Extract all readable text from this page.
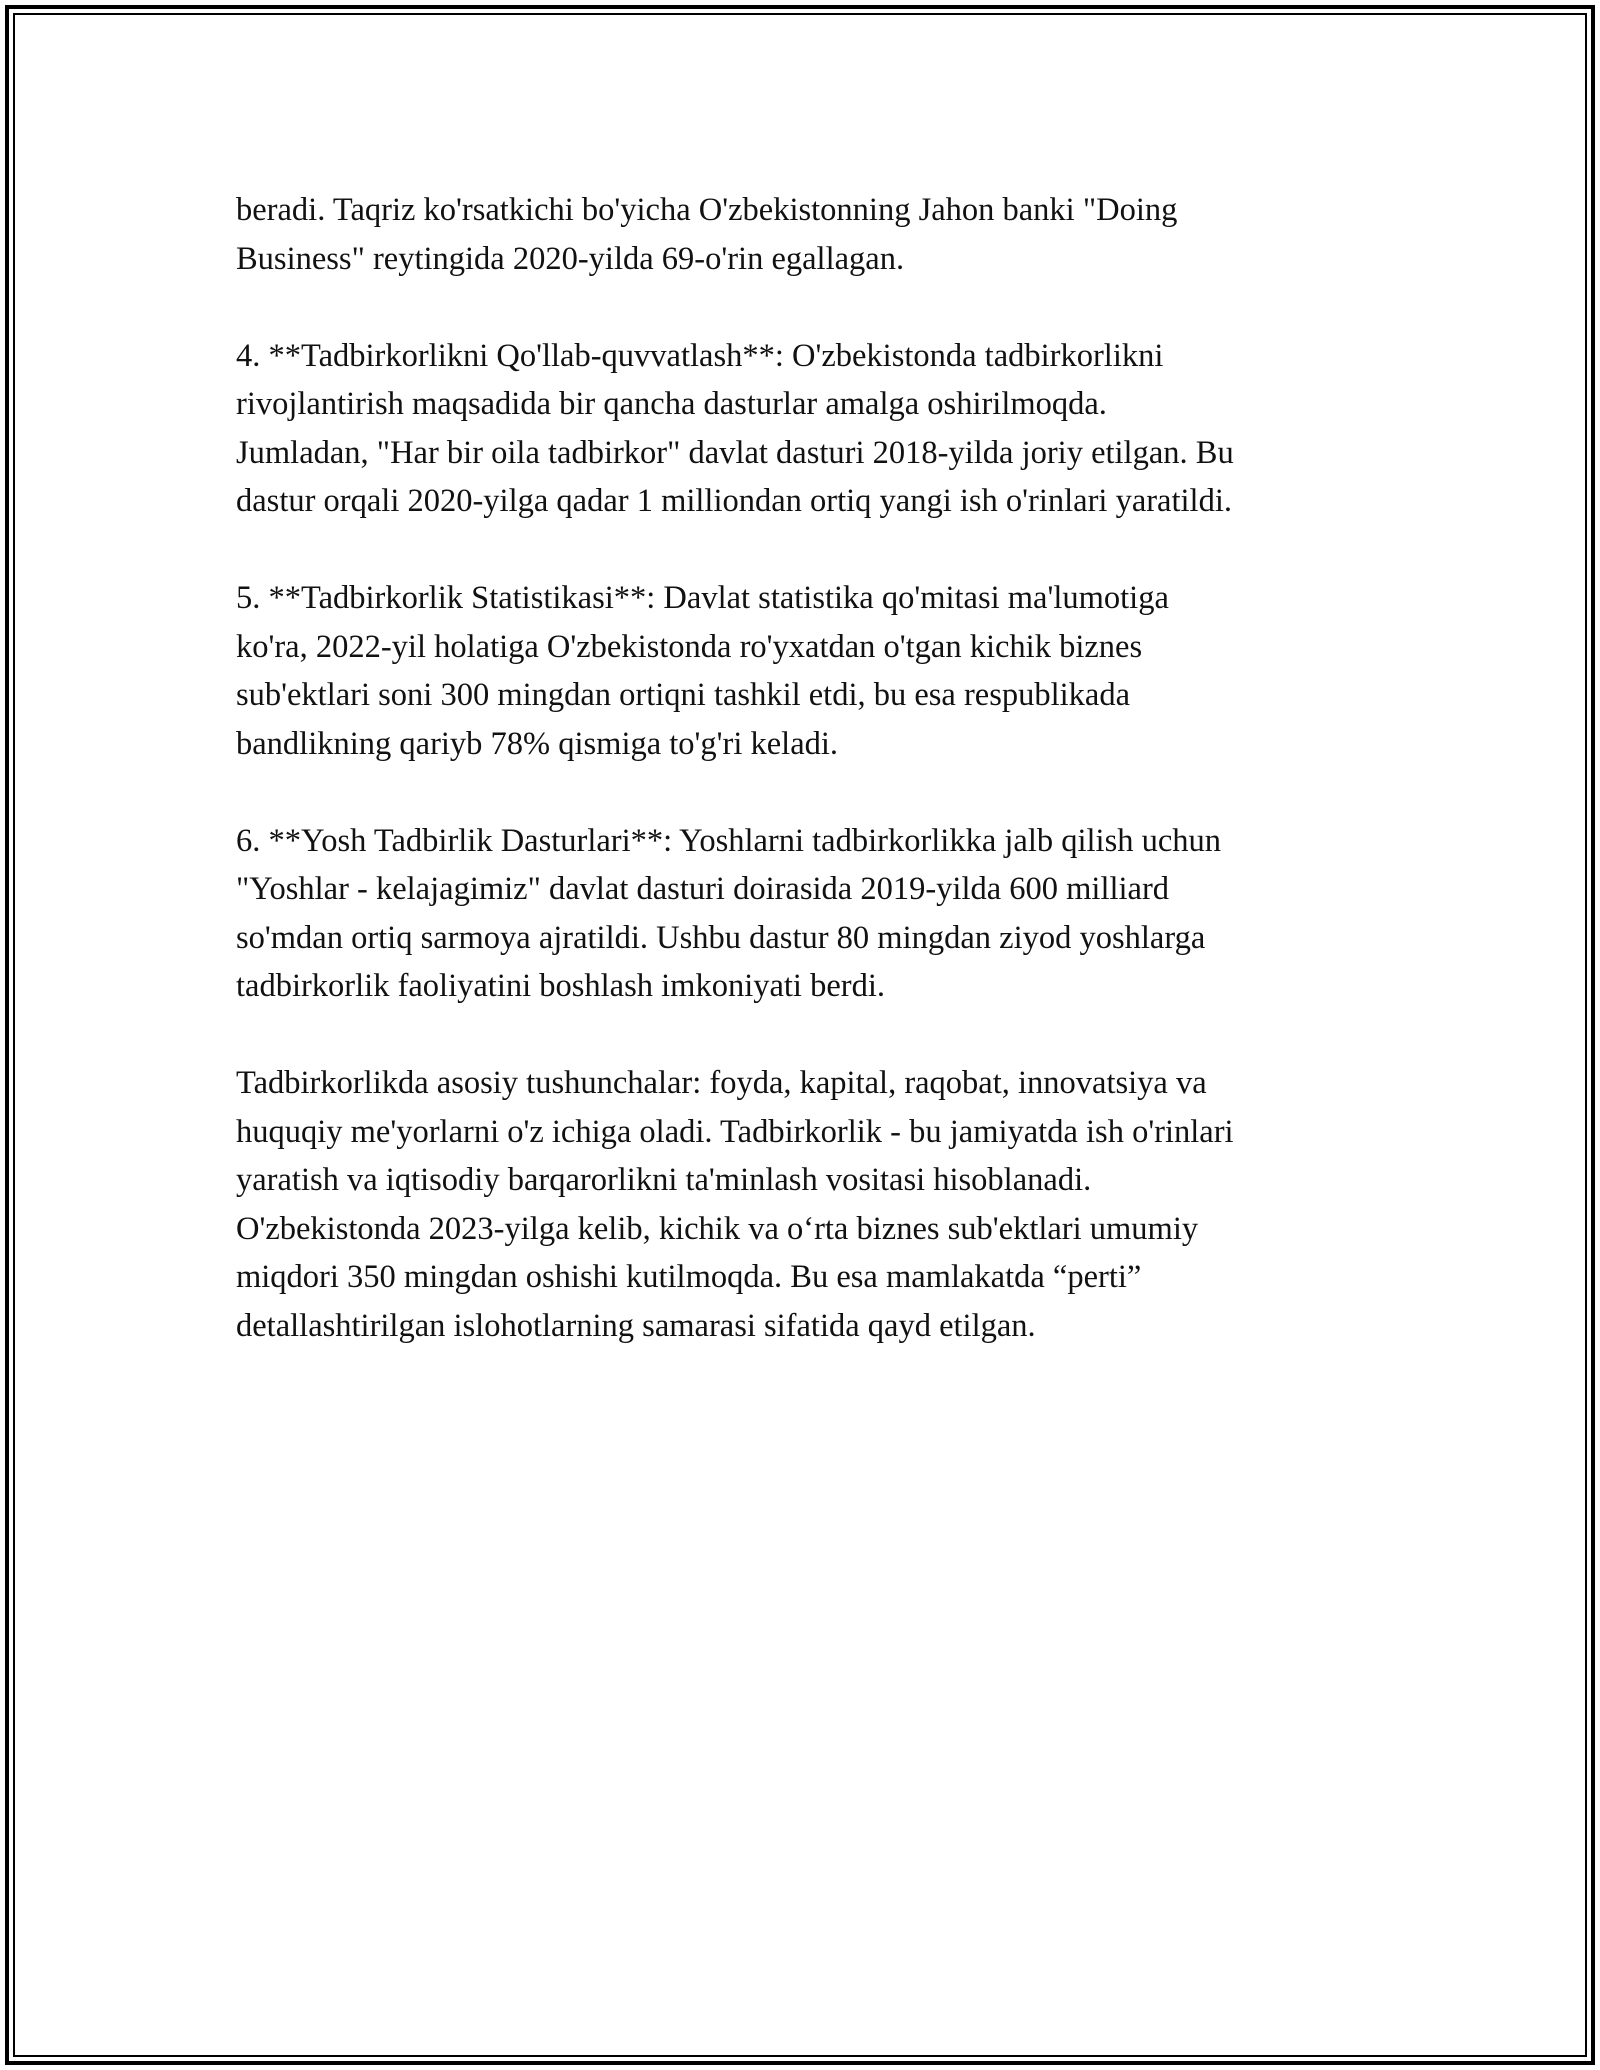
beradi. Taqriz ko'rsatkichi bo'yicha O'zbekistonning Jahon banki "Doing
Business" reytingida 2020-yilda 69-o'rin egallagan.

4. **Tadbirkorlikni Qo'llab-quvvatlash**: O'zbekistonda tadbirkorlikni
rivojlantirish maqsadida bir qancha dasturlar amalga oshirilmoqda.
Jumladan, "Har bir oila tadbirkor" davlat dasturi 2018-yilda joriy etilgan. Bu
dastur orqali 2020-yilga qadar 1 milliondan ortiq yangi ish o'rinlari yaratildi.

5. **Tadbirkorlik Statistikasi**: Davlat statistika qo'mitasi ma'lumotiga
ko'ra, 2022-yil holatiga O'zbekistonda ro'yxatdan o'tgan kichik biznes
sub'ektlari soni 300 mingdan ortiqni tashkil etdi, bu esa respublikada
bandlikning qariyb 78% qismiga to'g'ri keladi.

6. **Yosh Tadbirlik Dasturlari**: Yoshlarni tadbirkorlikka jalb qilish uchun
"Yoshlar - kelajagimiz" davlat dasturi doirasida 2019-yilda 600 milliard
so'mdan ortiq sarmoya ajratildi. Ushbu dastur 80 mingdan ziyod yoshlarga
tadbirkorlik faoliyatini boshlash imkoniyati berdi.

Tadbirkorlikda asosiy tushunchalar: foyda, kapital, raqobat, innovatsiya va
huquqiy me'yorlarni o'z ichiga oladi. Tadbirkorlik - bu jamiyatda ish o'rinlari
yaratish va iqtisodiy barqarorlikni ta'minlash vositasi hisoblanadi.
O'zbekistonda 2023-yilga kelib, kichik va o‘rta biznes sub'ektlari umumiy
miqdori 350 mingdan oshishi kutilmoqda. Bu esa mamlakatda “perti”
detallashtirilgan islohotlarning samarasi sifatida qayd etilgan.
